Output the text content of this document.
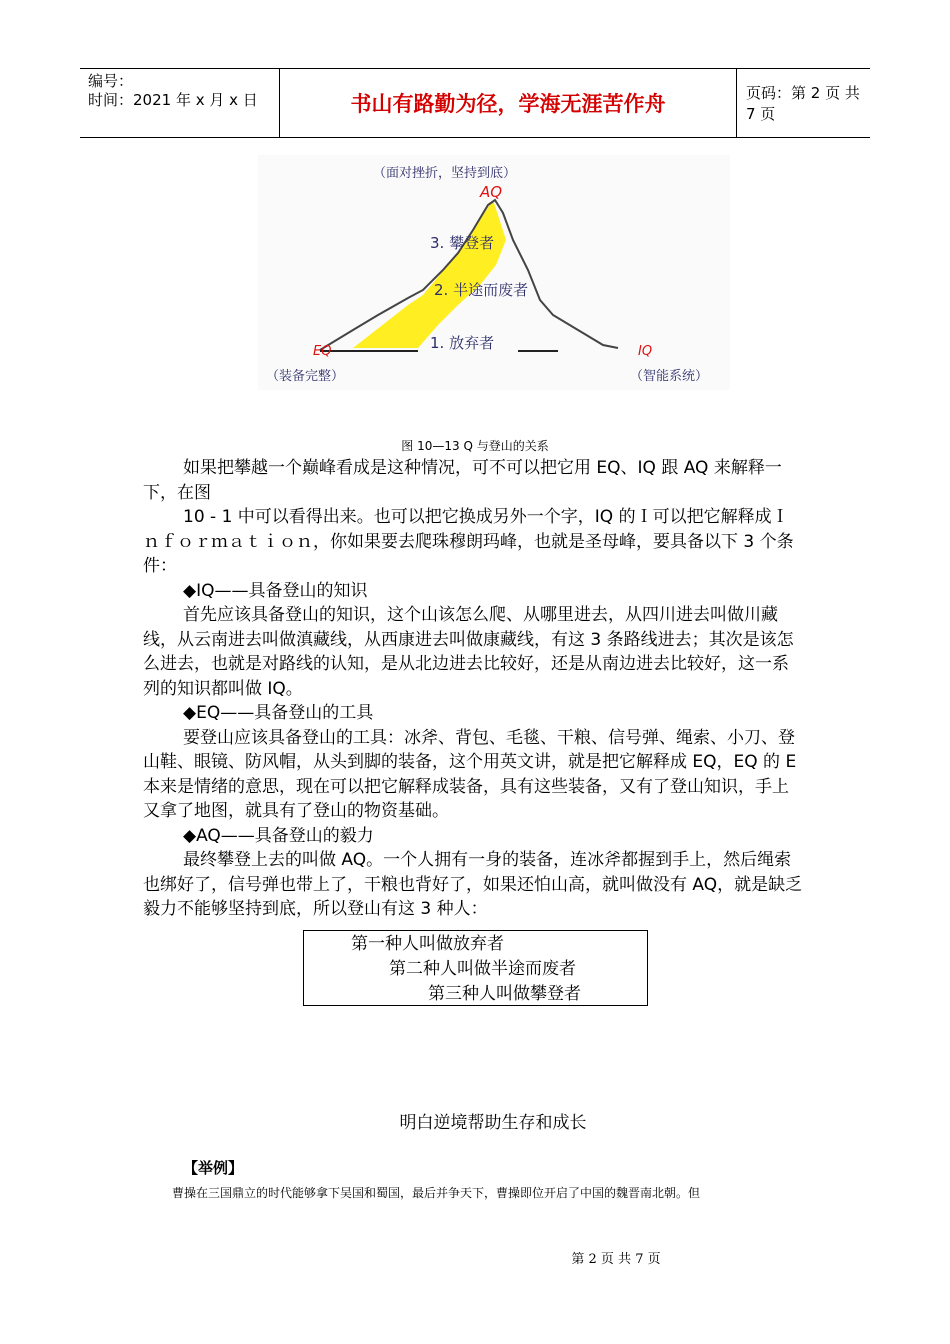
编号：
时间：2021 年 x 月 x 日	书山有路勤为径，学海无涯苦作舟	页码：第 2 页 共 7 页
（面对挫折，坚持到底）
AQ
3. 攀登者
2. 半途而废者
1. 放弃者
EQ	IQ
（装备完整）	（智能系统）
图 10—13 Q 与登山的关系

如果把攀越一个巅峰看成是这种情况，可不可以把它用 EQ、IQ 跟 AQ 来解释一下，在图

10 - 1 中可以看得出来。也可以把它换成另外一个字，IQ 的Ｉ可以把它解释成Ｉｎｆｏｒｍａｔｉｏｎ，你如果要去爬珠穆朗玛峰，也就是圣母峰，要具备以下 3 个条件：

◆IQ——具备登山的知识

首先应该具备登山的知识，这个山该怎么爬、从哪里进去，从四川进去叫做川藏线，从云南进去叫做滇藏线，从西康进去叫做康藏线，有这 3 条路线进去；其次是该怎么进去，也就是对路线的认知，是从北边进去比较好，还是从南边进去比较好，这一系列的知识都叫做 IQ。

◆EQ——具备登山的工具

要登山应该具备登山的工具：冰斧、背包、毛毯、干粮、信号弹、绳索、小刀、登山鞋、眼镜、防风帽，从头到脚的装备，这个用英文讲，就是把它解释成 EQ，EQ 的 E 本来是情绪的意思，现在可以把它解释成装备，具有这些装备，又有了登山知识，手上又拿了地图，就具有了登山的物资基础。

◆AQ——具备登山的毅力

最终攀登上去的叫做 AQ。一个人拥有一身的装备，连冰斧都握到手上，然后绳索也绑好了，信号弹也带上了，干粮也背好了，如果还怕山高，就叫做没有 AQ，就是缺乏毅力不能够坚持到底，所以登山有这 3 种人：

第一种人叫做放弃者
第二种人叫做半途而废者
第三种人叫做攀登者
明白逆境帮助生存和成长
【举例】
曹操在三国鼎立的时代能够拿下吴国和蜀国，最后并争天下，曹操即位开启了中国的魏晋南北朝。但
第 2 页 共 7 页
